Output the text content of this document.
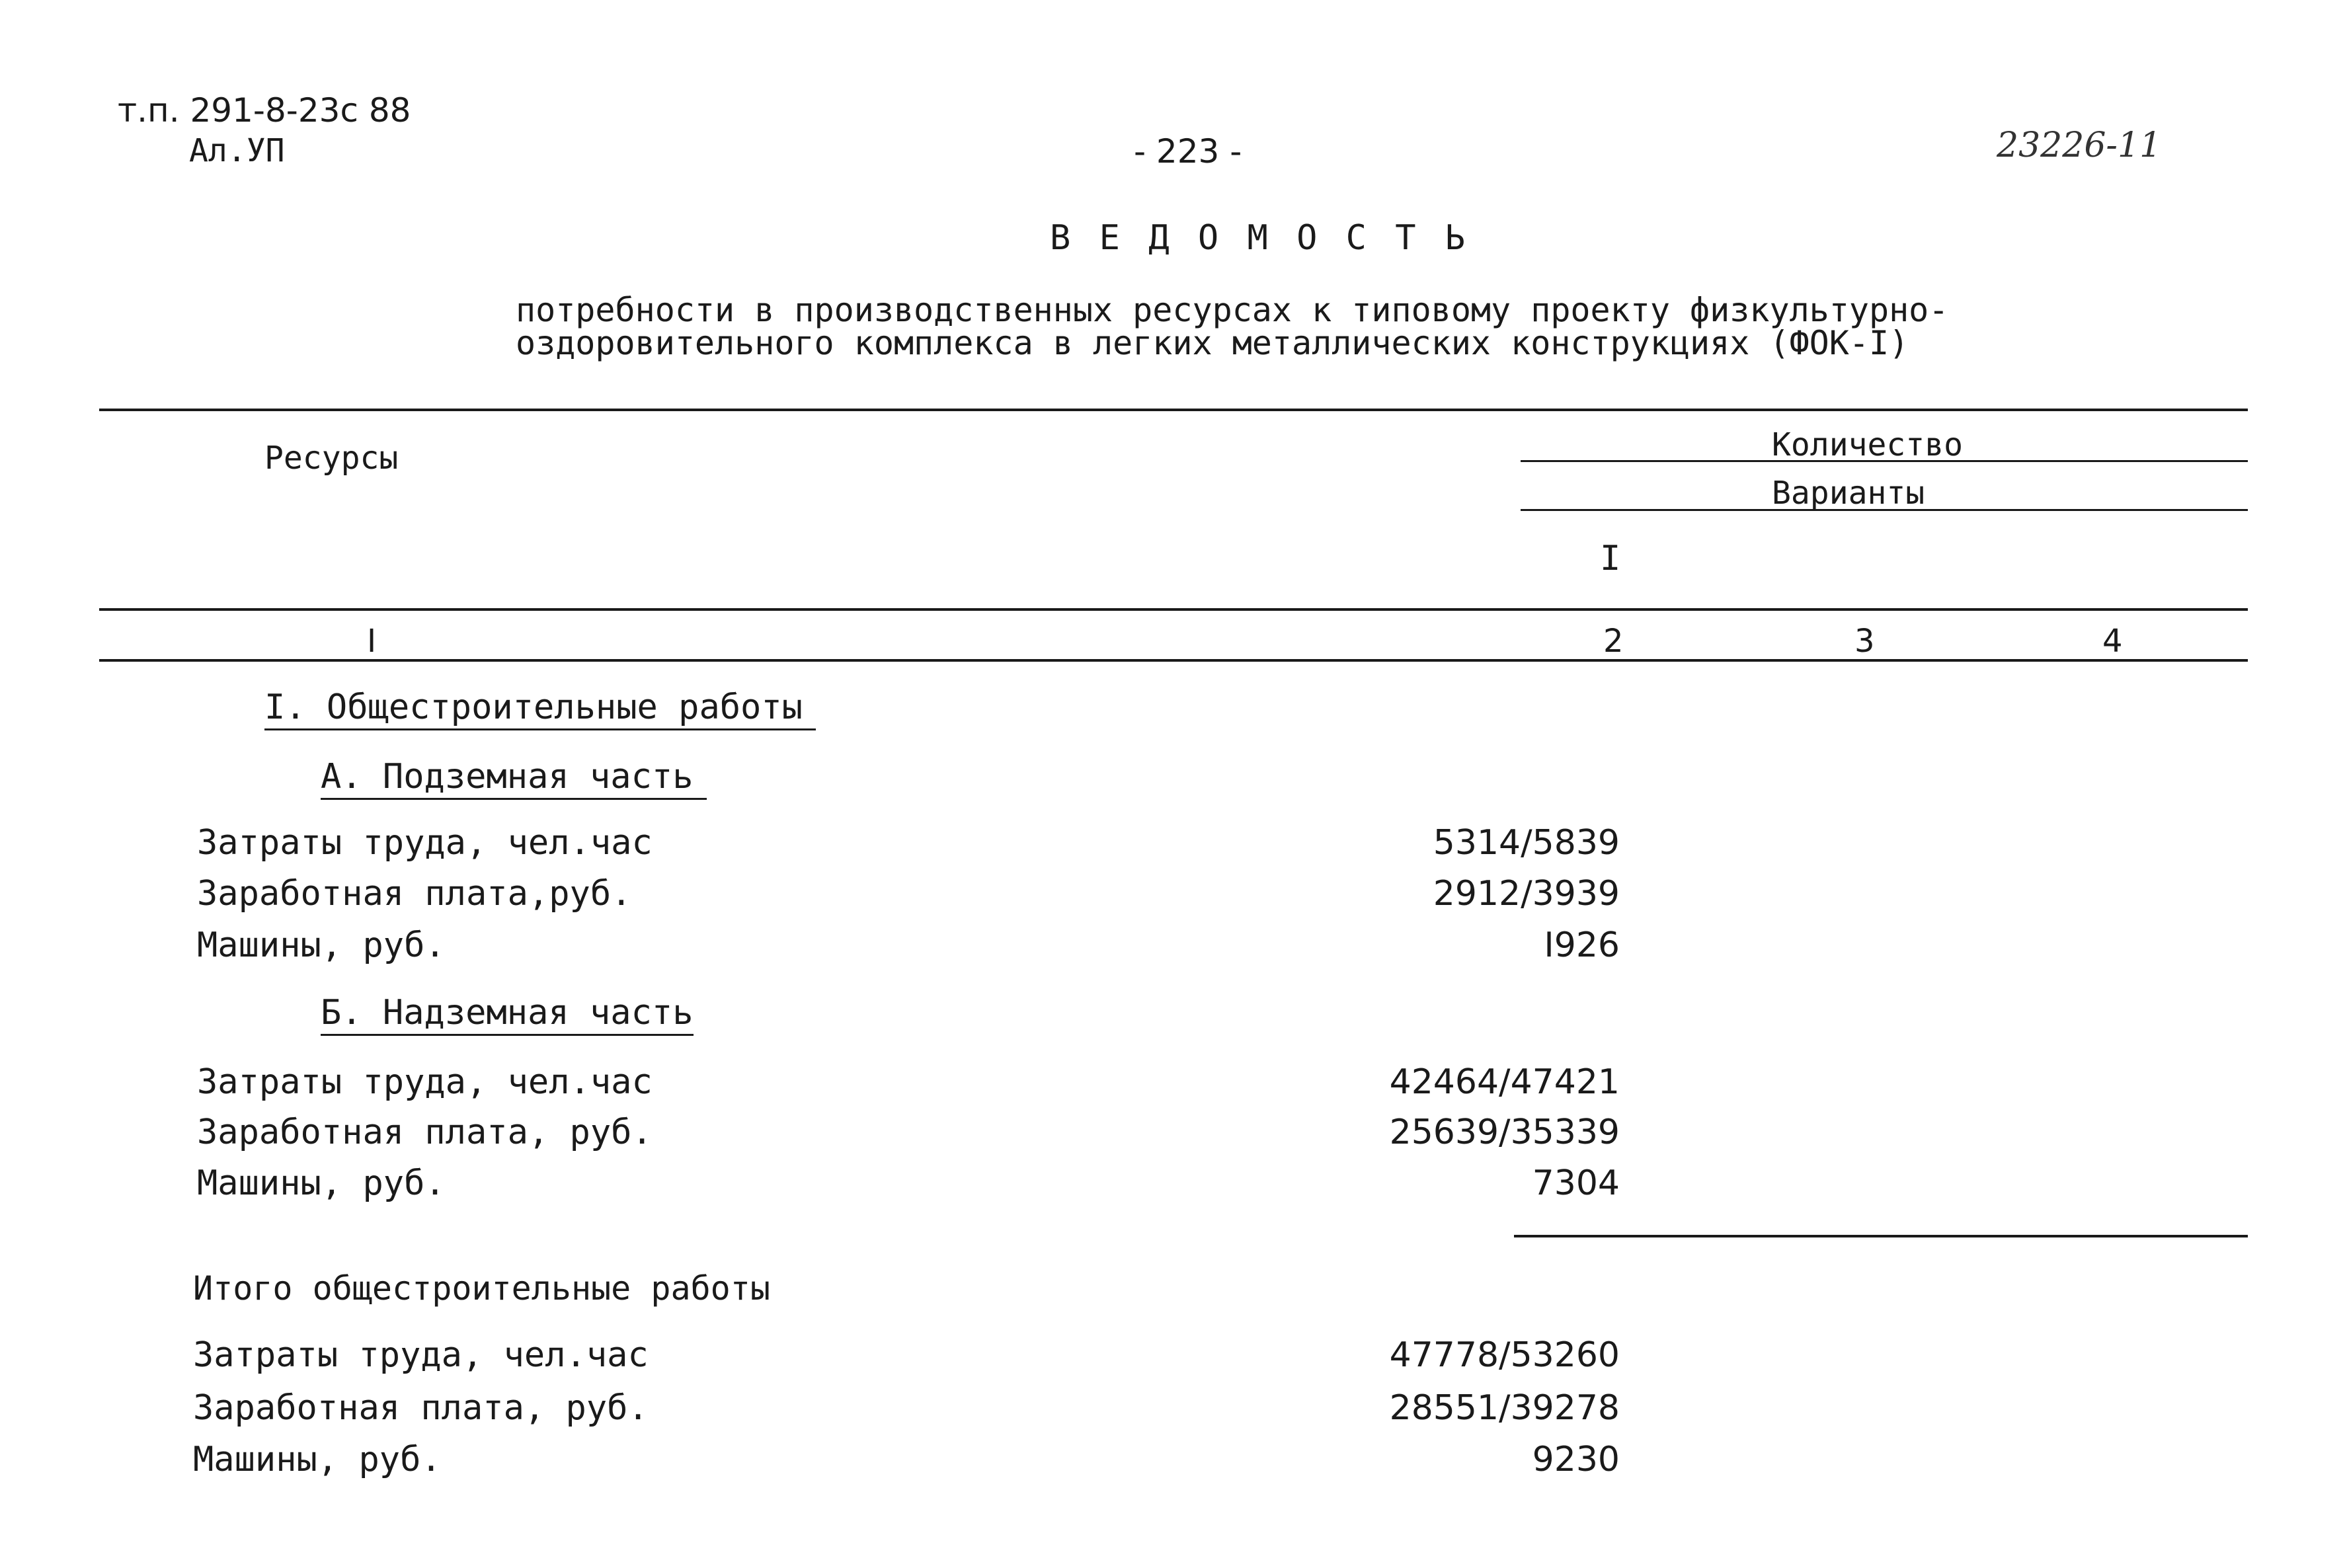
т.п. 291-8-23с 88
Ал.УП	- 223 -	23226-11
В Е Д О М О С Т Ь
потребности в производственных ресурсах к типовому проекту физкультурно-
оздоровительного комплекса в легких металлических конструкциях (ФОК-I)
Ресурсы	Количество
Варианты
I
I	2	3	4
I. Общестроительные работы
А. Подземная часть
Затраты труда, чел.час	5314/5839
Заработная плата,руб.	2912/3939
Машины, руб.	I926
Б. Надземная часть
Затраты труда, чел.час	42464/47421
Заработная плата, руб.	25639/35339
Машины, руб.	7304
Итого общестроительные работы
Затраты труда, чел.час	47778/53260
Заработная плата, руб.	28551/39278
Машины, руб.	9230
